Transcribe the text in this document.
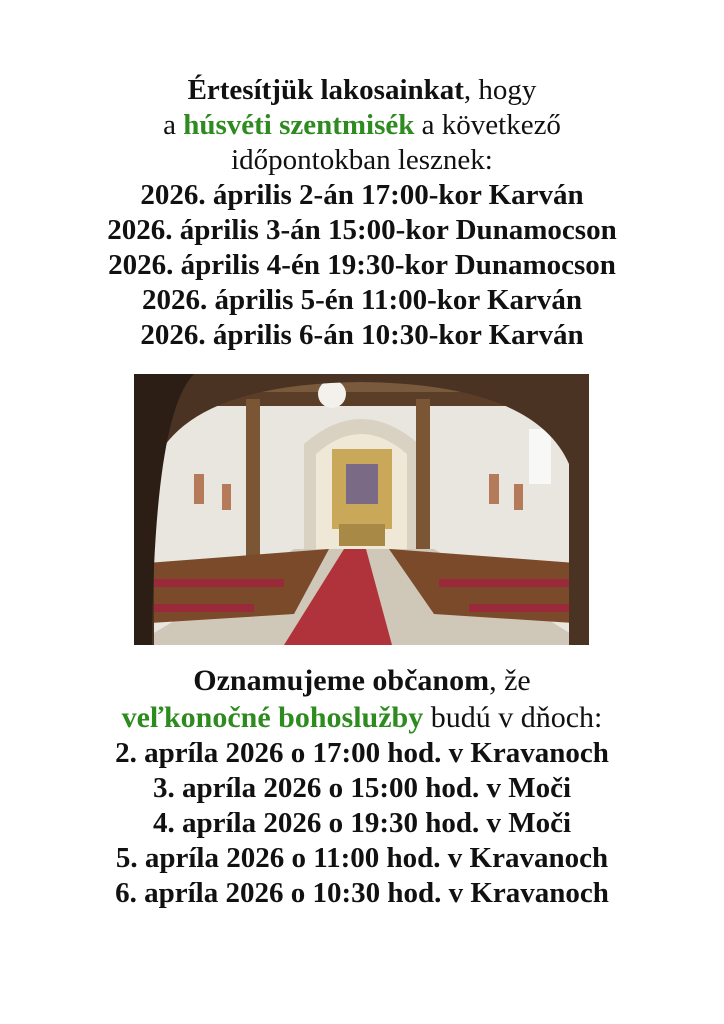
Értesítjük lakosainkat, hogy
a húsvéti szentmisék a következő
időpontokban lesznek:
2026. április 2-án 17:00-kor Karván
2026. április 3-án 15:00-kor Dunamocson
2026. április 4-én 19:30-kor Dunamocson
2026. április 5-én 11:00-kor Karván
2026. április 6-án 10:30-kor Karván
Oznamujeme občanom, že
veľkonočné bohoslužby budú v dňoch:
2. apríla 2026 o 17:00 hod. v Kravanoch
3. apríla 2026 o 15:00 hod. v Moči
4. apríla 2026 o 19:30 hod. v Moči
5. apríla 2026 o 11:00 hod. v Kravanoch
6. apríla 2026 o 10:30 hod. v Kravanoch
